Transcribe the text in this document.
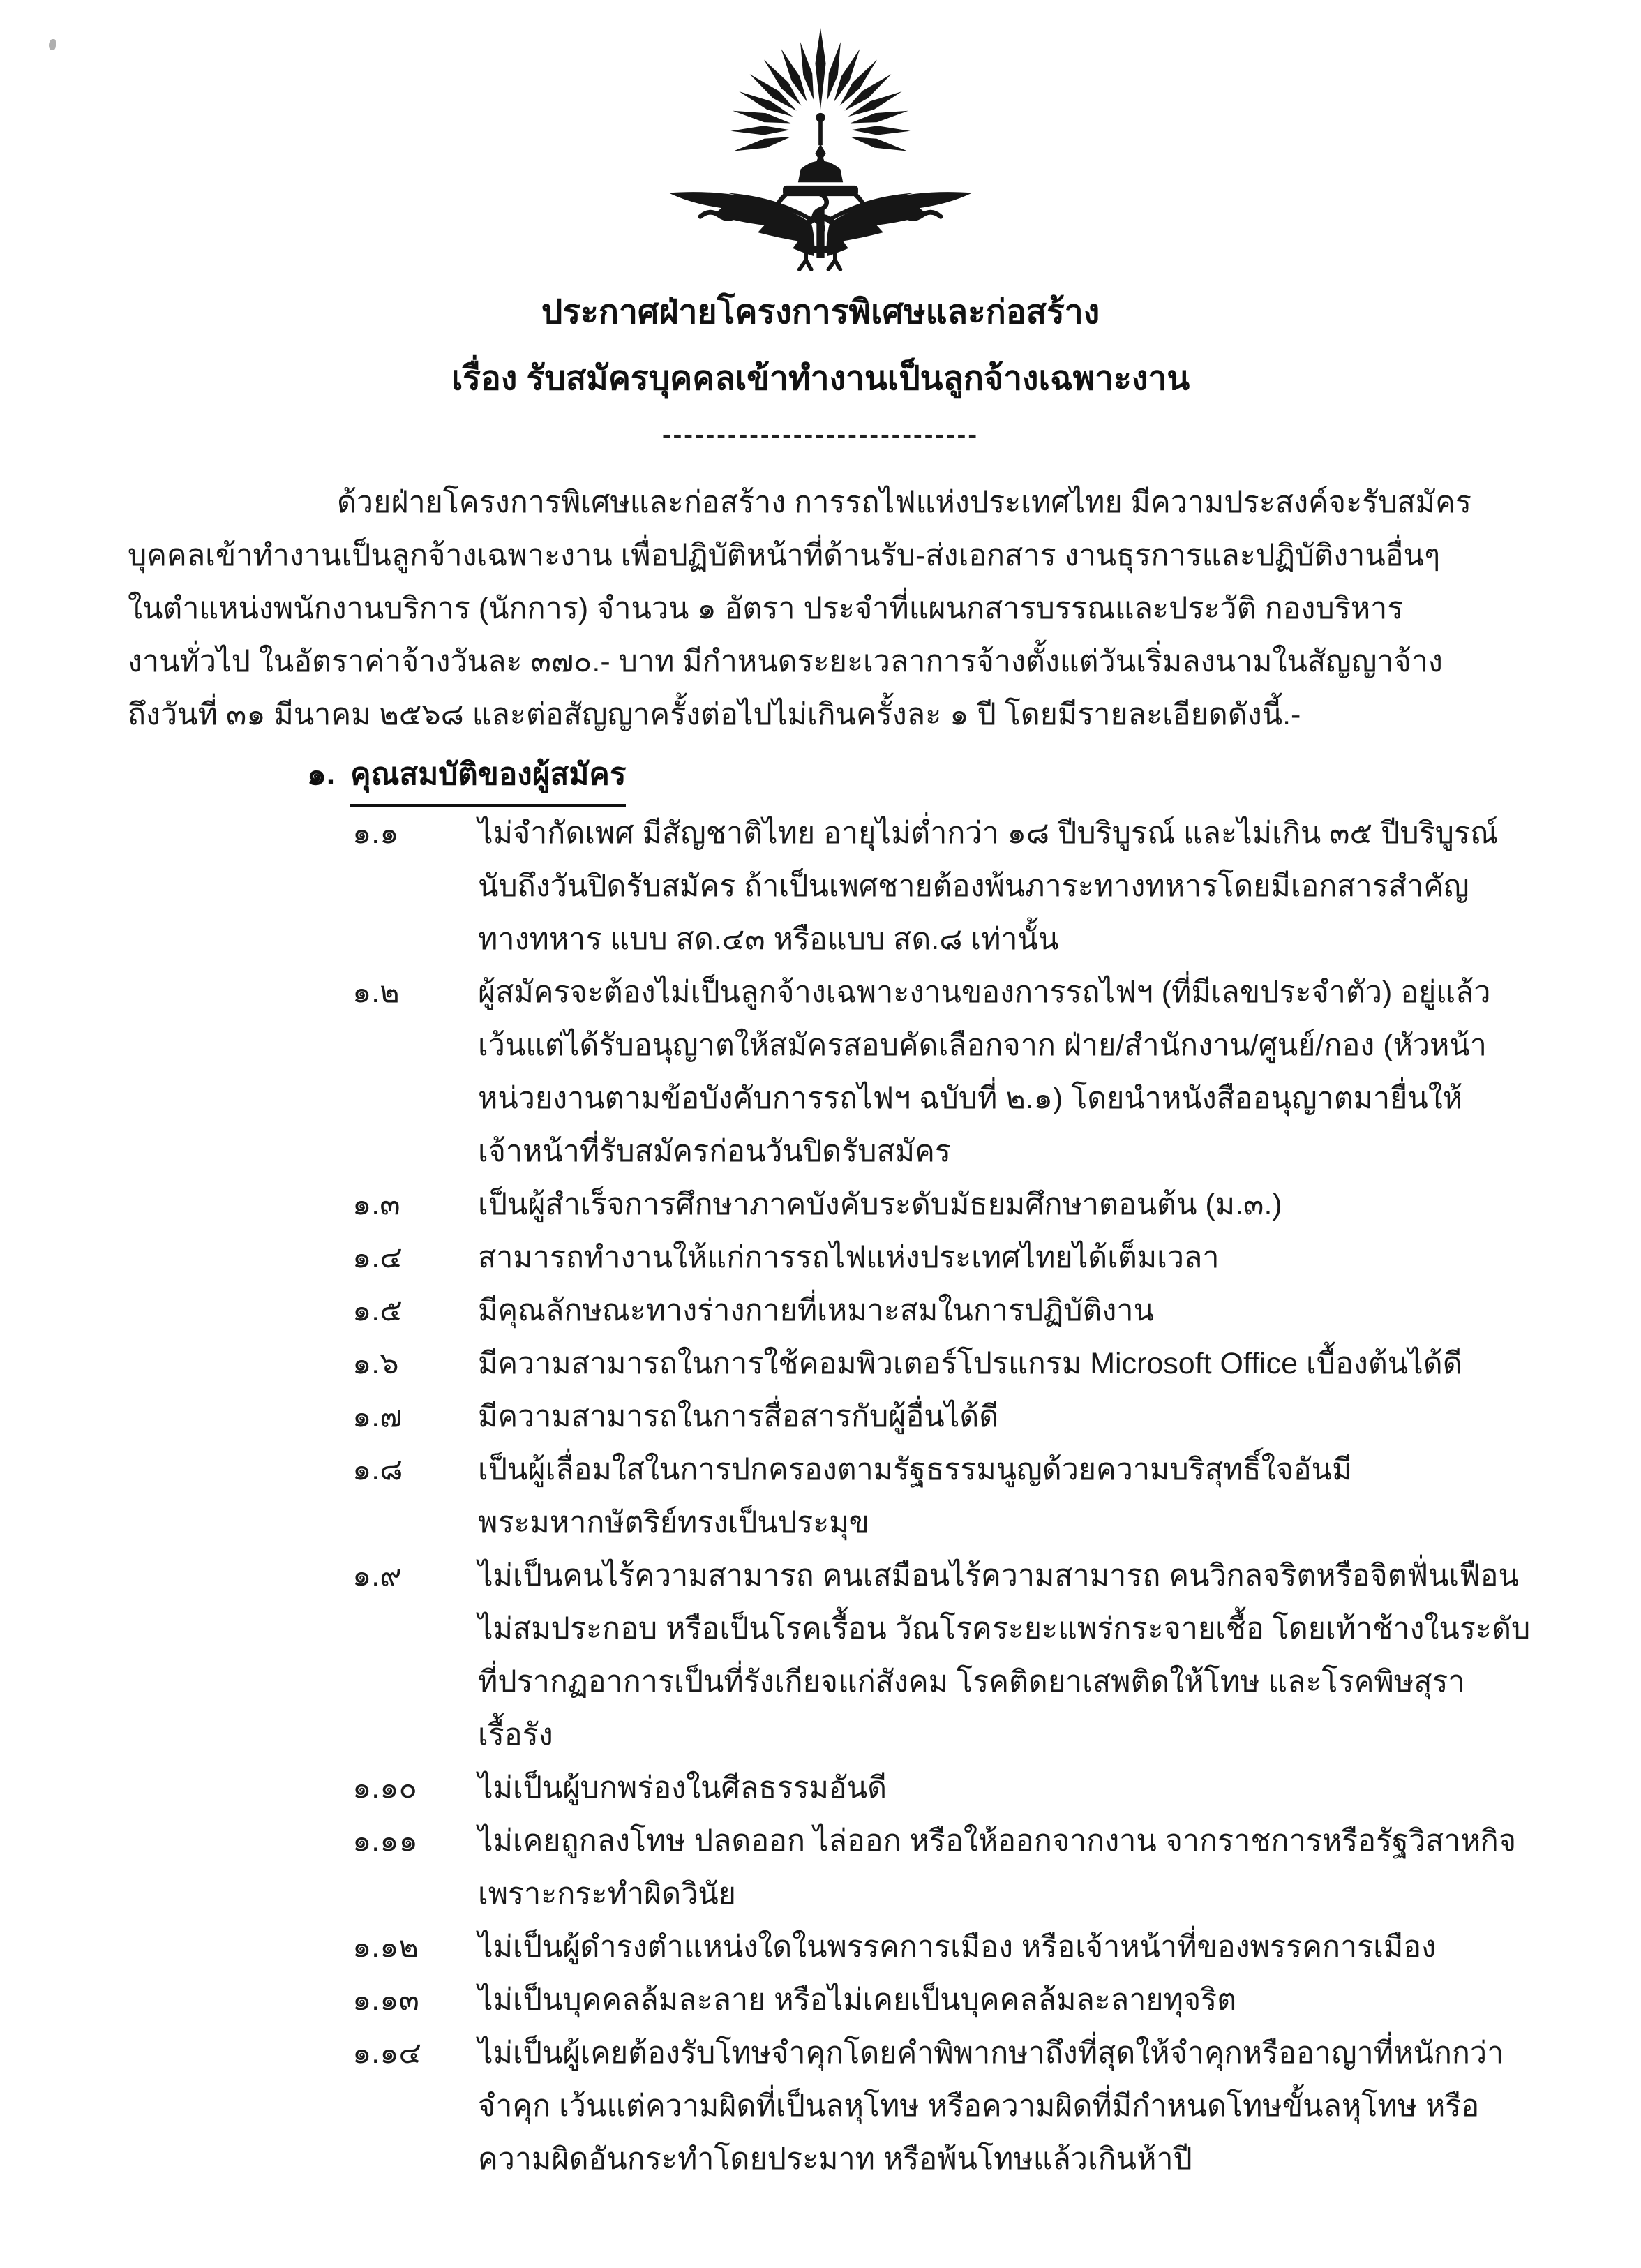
ประกาศฝ่ายโครงการพิเศษและก่อสร้าง
เรื่อง รับสมัครบุคคลเข้าทำงานเป็นลูกจ้างเฉพาะงาน
-----------------------------
ด้วยฝ่ายโครงการพิเศษและก่อสร้าง การรถไฟแห่งประเทศไทย มีความประสงค์จะรับสมัคร
บุคคลเข้าทำงานเป็นลูกจ้างเฉพาะงาน เพื่อปฏิบัติหน้าที่ด้านรับ-ส่งเอกสาร งานธุรการและปฏิบัติงานอื่นๆ
ในตำแหน่งพนักงานบริการ (นักการ) จำนวน ๑ อัตรา ประจำที่แผนกสารบรรณและประวัติ กองบริหาร
งานทั่วไป ในอัตราค่าจ้างวันละ ๓๗๐.- บาท มีกำหนดระยะเวลาการจ้างตั้งแต่วันเริ่มลงนามในสัญญาจ้าง
ถึงวันที่ ๓๑ มีนาคม ๒๕๖๘ และต่อสัญญาครั้งต่อไปไม่เกินครั้งละ ๑ ปี โดยมีรายละเอียดดังนี้.-
๑. คุณสมบัติของผู้สมัคร
๑.๑	ไม่จำกัดเพศ มีสัญชาติไทย อายุไม่ต่ำกว่า ๑๘ ปีบริบูรณ์ และไม่เกิน ๓๕ ปีบริบูรณ์
นับถึงวันปิดรับสมัคร ถ้าเป็นเพศชายต้องพ้นภาระทางทหารโดยมีเอกสารสำคัญ
ทางทหาร แบบ สด.๔๓ หรือแบบ สด.๘ เท่านั้น
๑.๒	ผู้สมัครจะต้องไม่เป็นลูกจ้างเฉพาะงานของการรถไฟฯ (ที่มีเลขประจำตัว) อยู่แล้ว
เว้นแต่ได้รับอนุญาตให้สมัครสอบคัดเลือกจาก ฝ่าย/สำนักงาน/ศูนย์/กอง (หัวหน้า
หน่วยงานตามข้อบังคับการรถไฟฯ ฉบับที่ ๒.๑) โดยนำหนังสืออนุญาตมายื่นให้
เจ้าหน้าที่รับสมัครก่อนวันปิดรับสมัคร
๑.๓	เป็นผู้สำเร็จการศึกษาภาคบังคับระดับมัธยมศึกษาตอนต้น (ม.๓.)
๑.๔	สามารถทำงานให้แก่การรถไฟแห่งประเทศไทยได้เต็มเวลา
๑.๕	มีคุณลักษณะทางร่างกายที่เหมาะสมในการปฏิบัติงาน
๑.๖	มีความสามารถในการใช้คอมพิวเตอร์โปรแกรม Microsoft Office เบื้องต้นได้ดี
๑.๗	มีความสามารถในการสื่อสารกับผู้อื่นได้ดี
๑.๘	เป็นผู้เลื่อมใสในการปกครองตามรัฐธรรมนูญด้วยความบริสุทธิ์ใจอันมี
พระมหากษัตริย์ทรงเป็นประมุข
๑.๙	ไม่เป็นคนไร้ความสามารถ คนเสมือนไร้ความสามารถ คนวิกลจริตหรือจิตฟั่นเฟือน
ไม่สมประกอบ หรือเป็นโรคเรื้อน วัณโรคระยะแพร่กระจายเชื้อ โดยเท้าช้างในระดับ
ที่ปรากฏอาการเป็นที่รังเกียจแก่สังคม โรคติดยาเสพติดให้โทษ และโรคพิษสุรา
เรื้อรัง
๑.๑๐	ไม่เป็นผู้บกพร่องในศีลธรรมอันดี
๑.๑๑	ไม่เคยถูกลงโทษ ปลดออก ไล่ออก หรือให้ออกจากงาน จากราชการหรือรัฐวิสาหกิจ
เพราะกระทำผิดวินัย
๑.๑๒	ไม่เป็นผู้ดำรงตำแหน่งใดในพรรคการเมือง หรือเจ้าหน้าที่ของพรรคการเมือง
๑.๑๓	ไม่เป็นบุคคลล้มละลาย หรือไม่เคยเป็นบุคคลล้มละลายทุจริต
๑.๑๔	ไม่เป็นผู้เคยต้องรับโทษจำคุกโดยคำพิพากษาถึงที่สุดให้จำคุกหรืออาญาที่หนักกว่า
จำคุก เว้นแต่ความผิดที่เป็นลหุโทษ หรือความผิดที่มีกำหนดโทษขั้นลหุโทษ หรือ
ความผิดอันกระทำโดยประมาท หรือพ้นโทษแล้วเกินห้าปี
